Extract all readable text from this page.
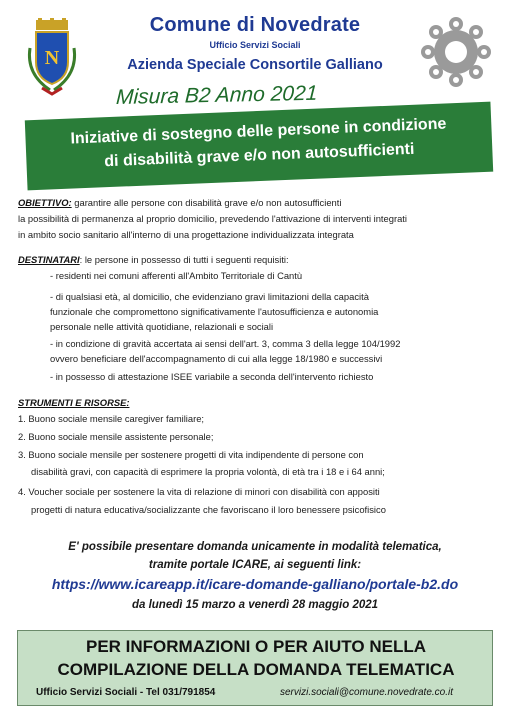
N
Comune di Novedrate
Ufficio Servizi Sociali
Azienda Speciale Consortile Galliano
Misura B2 Anno 2021
Iniziative di sostegno delle persone in condizione
di disabilità grave e/o non autosufficienti
OBIETTIVO: garantire alle persone con disabilità grave e/o non autosufficienti
la possibilità di permanenza al proprio domicilio, prevedendo l'attivazione di interventi integrati
in ambito socio sanitario all'interno di una progettazione individualizzata integrata
DESTINATARI: le persone in possesso di tutti i seguenti requisiti:
- residenti nei comuni afferenti all'Ambito Territoriale di Cantù
- di qualsiasi età, al domicilio, che evidenziano gravi limitazioni della capacità
funzionale che compromettono significativamente l'autosufficienza e autonomia
personale nelle attività quotidiane, relazionali e sociali
- in condizione di gravità accertata ai sensi dell'art. 3, comma 3 della legge 104/1992
ovvero beneficiare dell'accompagnamento di cui alla legge 18/1980 e successivi
- in possesso di attestazione ISEE variabile a seconda dell'intervento richiesto
STRUMENTI E RISORSE:
1. Buono sociale mensile caregiver familiare;
2. Buono sociale mensile assistente personale;
3. Buono sociale mensile per sostenere progetti di vita indipendente di persone con
disabilità gravi, con capacità di esprimere la propria volontà, di età tra i 18 e i 64 anni;
4. Voucher sociale per sostenere la vita di relazione di minori con disabilità con appositi
progetti di natura educativa/socializzante che favoriscano il loro benessere psicofisico
E' possibile presentare domanda unicamente in modalità telematica,
tramite portale ICARE, ai seguenti link:
https://www.icareapp.it/icare-domande-galliano/portale-b2.do
da lunedì 15 marzo a venerdì 28 maggio 2021
PER INFORMAZIONI O PER AIUTO NELLA
COMPILAZIONE DELLA DOMANDA TELEMATICA
Ufficio Servizi Sociali - Tel 031/791854	servizi.sociali@comune.novedrate.co.it
